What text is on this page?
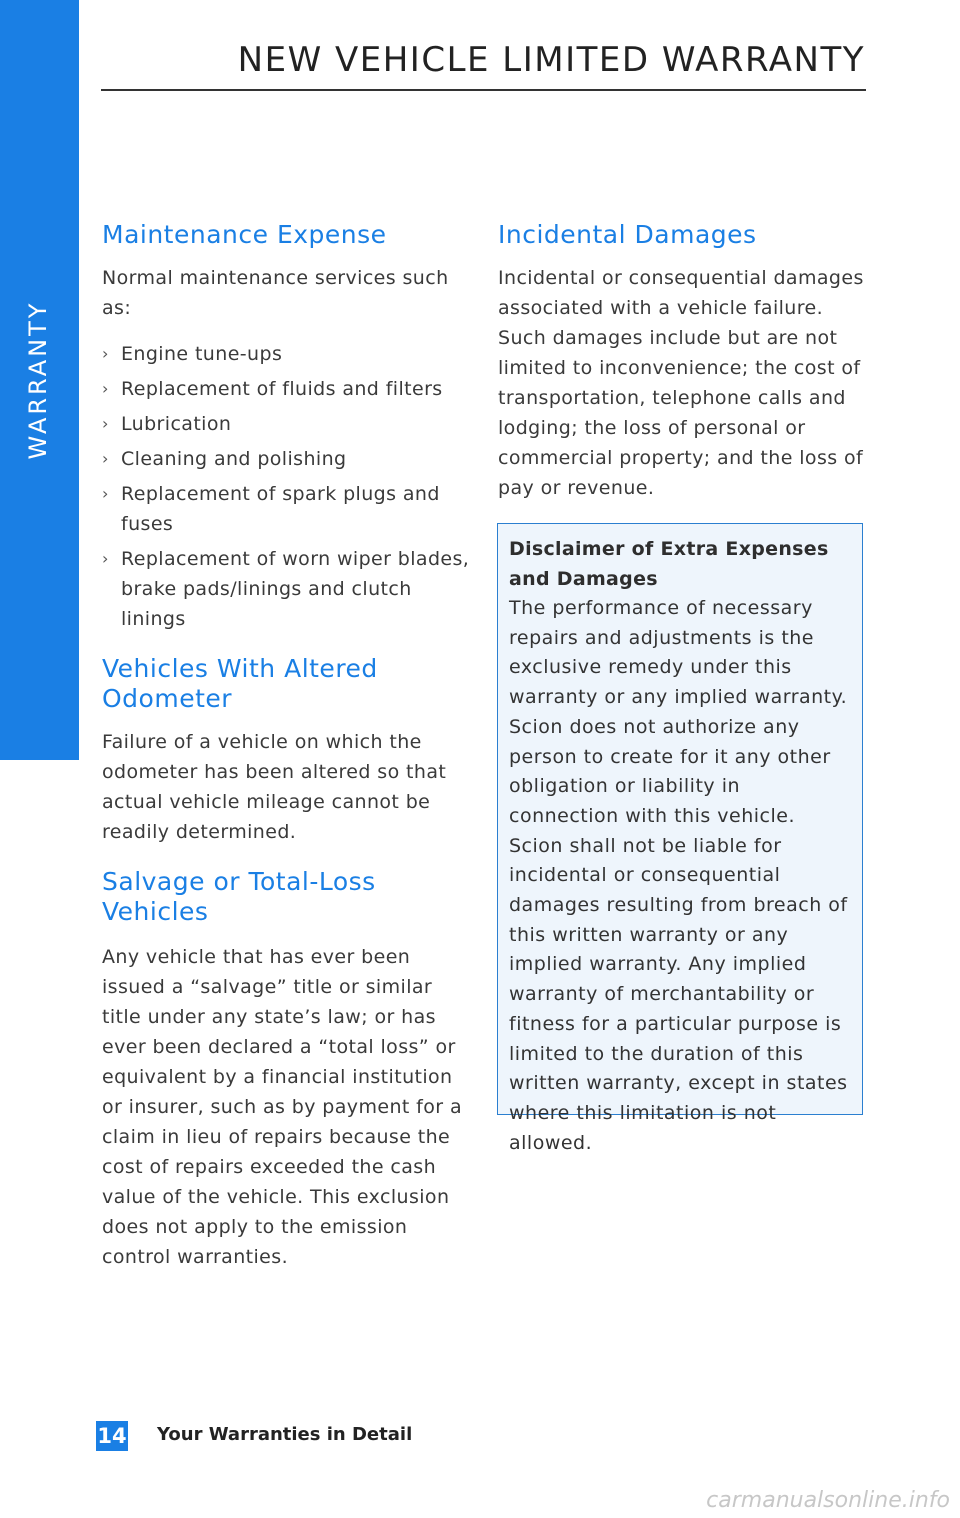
WARRANTY
NEW VEHICLE LIMITED WARRANTY
Maintenance Expense

Normal maintenance services such as:

› Engine tune-ups
› Replacement of fluids and filters
› Lubrication
› Cleaning and polishing
› Replacement of spark plugs and fuses
› Replacement of worn wiper blades, brake pads/linings and clutch linings
Vehicles With Altered Odometer

Failure of a vehicle on which the odometer has been altered so that actual vehicle mileage cannot be readily determined.

Salvage or Total-Loss Vehicles

Any vehicle that has ever been issued a “salvage” title or similar title under any state’s law; or has ever been declared a “total loss” or equivalent by a financial institution or insurer, such as by payment for a claim in lieu of repairs because the cost of repairs exceeded the cash value of the vehicle. This exclusion does not apply to the emission control warranties.

Incidental Damages

Incidental or consequential damages associated with a vehicle failure. Such damages include but are not limited to inconvenience; the cost of transportation, telephone calls and lodging; the loss of personal or commercial property; and the loss of pay or revenue.

Disclaimer of Extra Expenses and Damages
The performance of necessary repairs and adjustments is the exclusive remedy under this warranty or any implied warranty. Scion does not authorize any person to create for it any other obligation or liability in connection with this vehicle. Scion shall not be liable for incidental or consequential damages resulting from breach of this written warranty or any implied warranty. Any implied warranty of merchantability or fitness for a particular purpose is limited to the duration of this written warranty, except in states where this limitation is not allowed.
14 Your Warranties in Detail
carmanualsonline.info
